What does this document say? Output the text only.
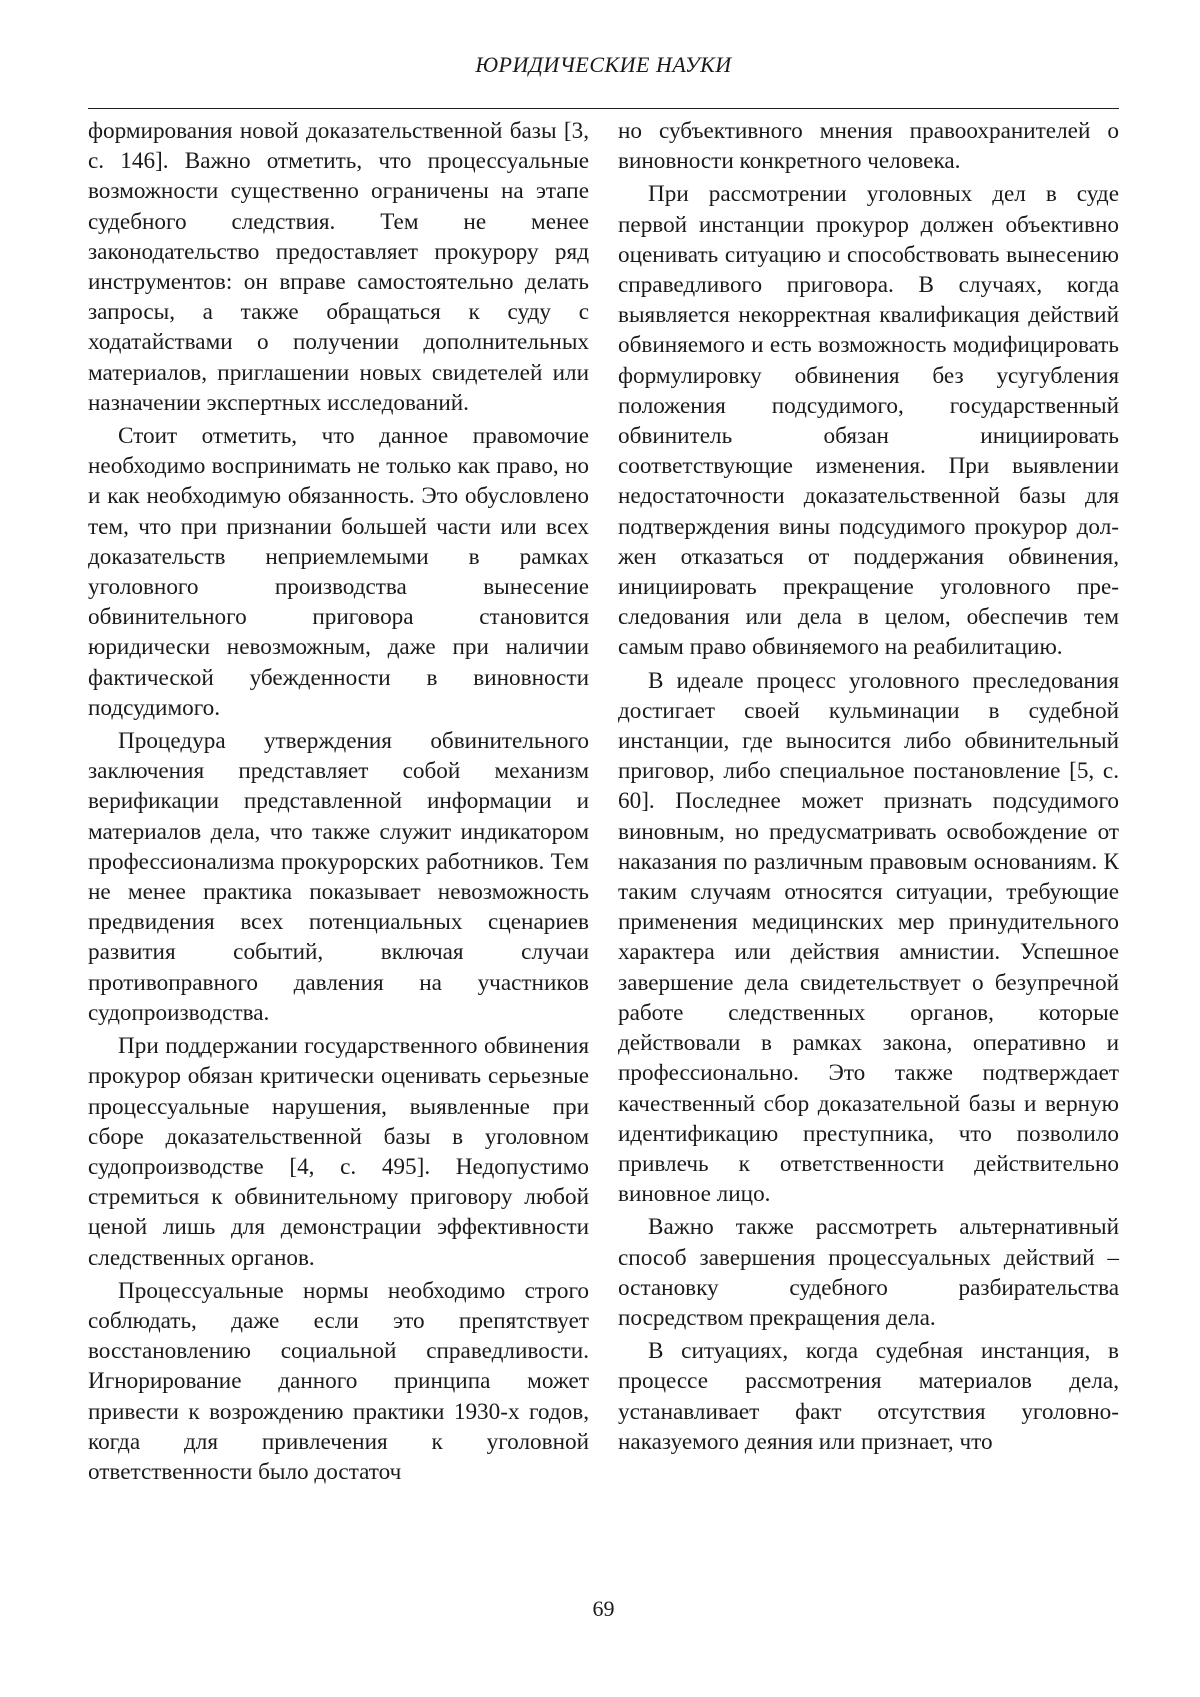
ЮРИДИЧЕСКИЕ НАУКИ

формирования новой доказательственной базы [3, с. 146]. Важно отметить, что процессуальные возможности существенно ограничены на этапе судебного следствия. Тем не менее законодательство предоставляет прокурору ряд инструментов: он вправе самостоятельно делать запросы, а также обращаться к суду с ходатайствами о получении дополнительных материалов, приглашении новых свидетелей или назначении экспертных исследований.

Стоит отметить, что данное правомочие необходимо воспринимать не только как право, но и как необходимую обязанность. Это обусловлено тем, что при признании большей части или всех доказательств неприемлемыми в рамках уголовного производства вынесение обвинительного приговора становится юридически невозможным, даже при наличии фактической убежденности в виновности подсудимого.

Процедура утверждения обвинительного заключения представляет собой механизм верификации представленной информации и материалов дела, что также служит индикатором профессионализма прокурорских работников. Тем не менее практика показывает невозможность предвидения всех потенциальных сценариев развития событий, включая случаи противоправного давления на участников судопроизводства.

При поддержании государственного обвинения прокурор обязан критически оценивать серьезные процессуальные нарушения, выявленные при сборе доказательственной базы в уголовном судопроизводстве [4, с. 495]. Недопустимо стремиться к обвинительному приговору любой ценой лишь для демонстрации эффективности следственных органов.

Процессуальные нормы необходимо строго соблюдать, даже если это препятствует восстановлению социальной справедливости. Игнорирование данного принципа может привести к возрождению практики 1930-х годов, когда для привлечения к уголовной ответственности было достаточ

но субъективного мнения правоохранителей о виновности конкретного человека.

При рассмотрении уголовных дел в суде первой инстанции прокурор должен объективно оценивать ситуацию и способствовать вынесению справедливого приговора. В случаях, когда выявляется некорректная квалификация действий обвиняемого и есть возможность модифицировать формулировку обвинения без усугубления положения подсудимого, государственный обвинитель обязан инициировать соответствующие изменения. При выявлении недостаточности доказательственной базы для подтверждения вины подсудимого прокурор должен отказаться от поддержания обвинения, инициировать прекращение уголовного преследования или дела в целом, обеспечив тем самым право обвиняемого на реабилитацию.

В идеале процесс уголовного преследования достигает своей кульминации в судебной инстанции, где выносится либо обвинительный приговор, либо специальное постановление [5, с. 60]. Последнее может признать подсудимого виновным, но предусматривать освобождение от наказания по различным правовым основаниям. К таким случаям относятся ситуации, требующие применения медицинских мер принудительного характера или действия амнистии. Успешное завершение дела свидетельствует о безупречной работе следственных органов, которые действовали в рамках закона, оперативно и профессионально. Это также подтверждает качественный сбор доказательной базы и верную идентификацию преступника, что позволило привлечь к ответственности действительно виновное лицо.

Важно также рассмотреть альтернативный способ завершения процессуальных действий – остановку судебного разбирательства посредством прекращения дела.

В ситуациях, когда судебная инстанция, в процессе рассмотрения материалов дела, устанавливает факт отсутствия уголовно-наказуемого деяния или признает, что

69
